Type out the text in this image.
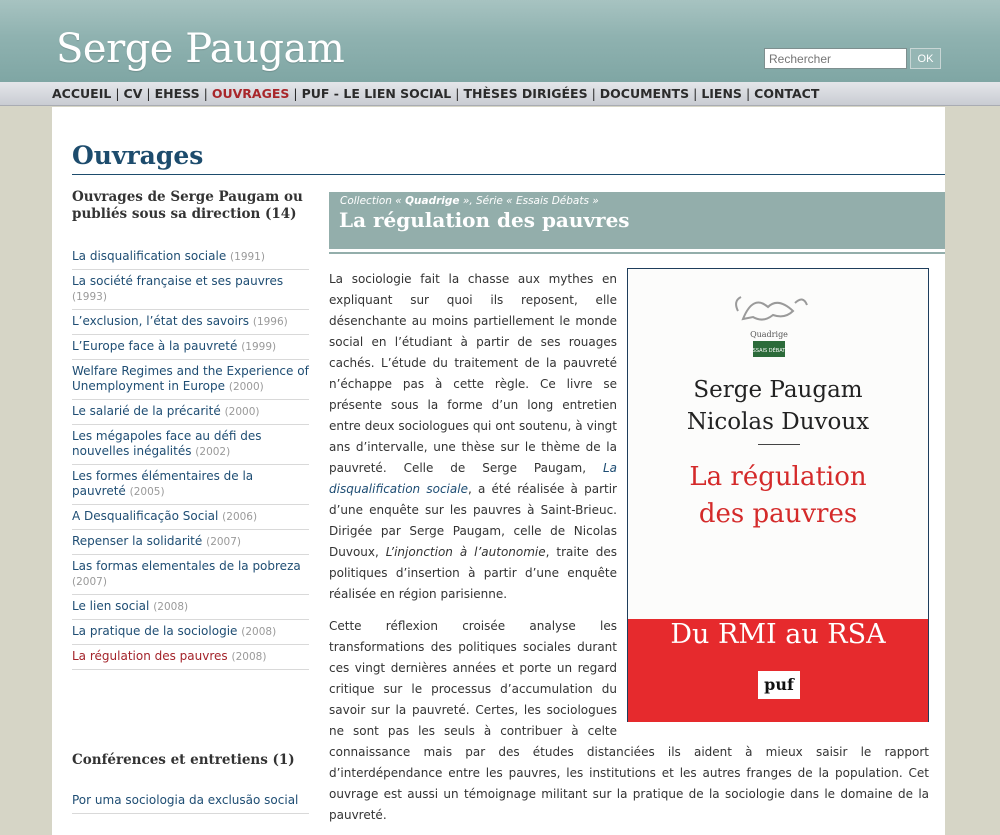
Serge Paugam
Rechercher	OK
ACCUEIL | CV | EHESS | OUVRAGES | PUF - LE LIEN SOCIAL | THÈSES DIRIGÉES | DOCUMENTS | LIENS | CONTACT
Ouvrages
Ouvrages de Serge Paugam ou publiés sous sa direction (14)
La disqualification sociale (1991)
La société française et ses pauvres (1993)
L’exclusion, l’état des savoirs (1996)
L’Europe face à la pauvreté (1999)
Welfare Regimes and the Experience of Unemployment in Europe (2000)
Le salarié de la précarité (2000)
Les mégapoles face au défi des nouvelles inégalités (2002)
Les formes élémentaires de la pauvreté (2005)
A Desqualificação Social (2006)
Repenser la solidarité (2007)
Las formas elementales de la pobreza (2007)
Le lien social (2008)
La pratique de la sociologie (2008)
La régulation des pauvres (2008)
Conférences et entretiens (1)
Por uma sociologia da exclusão social
Collection « Quadrige », Série « Essais Débats »
La régulation des pauvres
Quadrige
ESSAIS DÉBATS
Serge Paugam
Nicolas Duvoux
La régulation
des pauvres
Du RMI au RSA
puf

La sociologie fait la chasse aux mythes en expliquant sur quoi ils reposent, elle désenchante au moins partiellement le monde social en l’étudiant à partir de ses rouages cachés. L’étude du traitement de la pauvreté n’échappe pas à cette règle. Ce livre se présente sous la forme d’un long entretien entre deux sociologues qui ont soutenu, à vingt ans d’intervalle, une thèse sur le thème de la pauvreté. Celle de Serge Paugam, La disqualification sociale, a été réalisée à partir d’une enquête sur les pauvres à Saint-Brieuc. Dirigée par Serge Paugam, celle de Nicolas Duvoux, L’injonction à l’autonomie, traite des politiques d’insertion à partir d’une enquête réalisée en région parisienne.

Cette réflexion croisée analyse les transformations des politiques sociales durant ces vingt dernières années et porte un regard critique sur le processus d’accumulation du savoir sur la pauvreté. Certes, les sociologues ne sont pas les seuls à contribuer à celte connaissance mais par des études distanciées ils aident à mieux saisir le rapport d’interdépendance entre les pauvres, les institutions et les autres franges de la population. Cet ouvrage est aussi un témoignage militant sur la pratique de la sociologie dans le domaine de la pauvreté.
